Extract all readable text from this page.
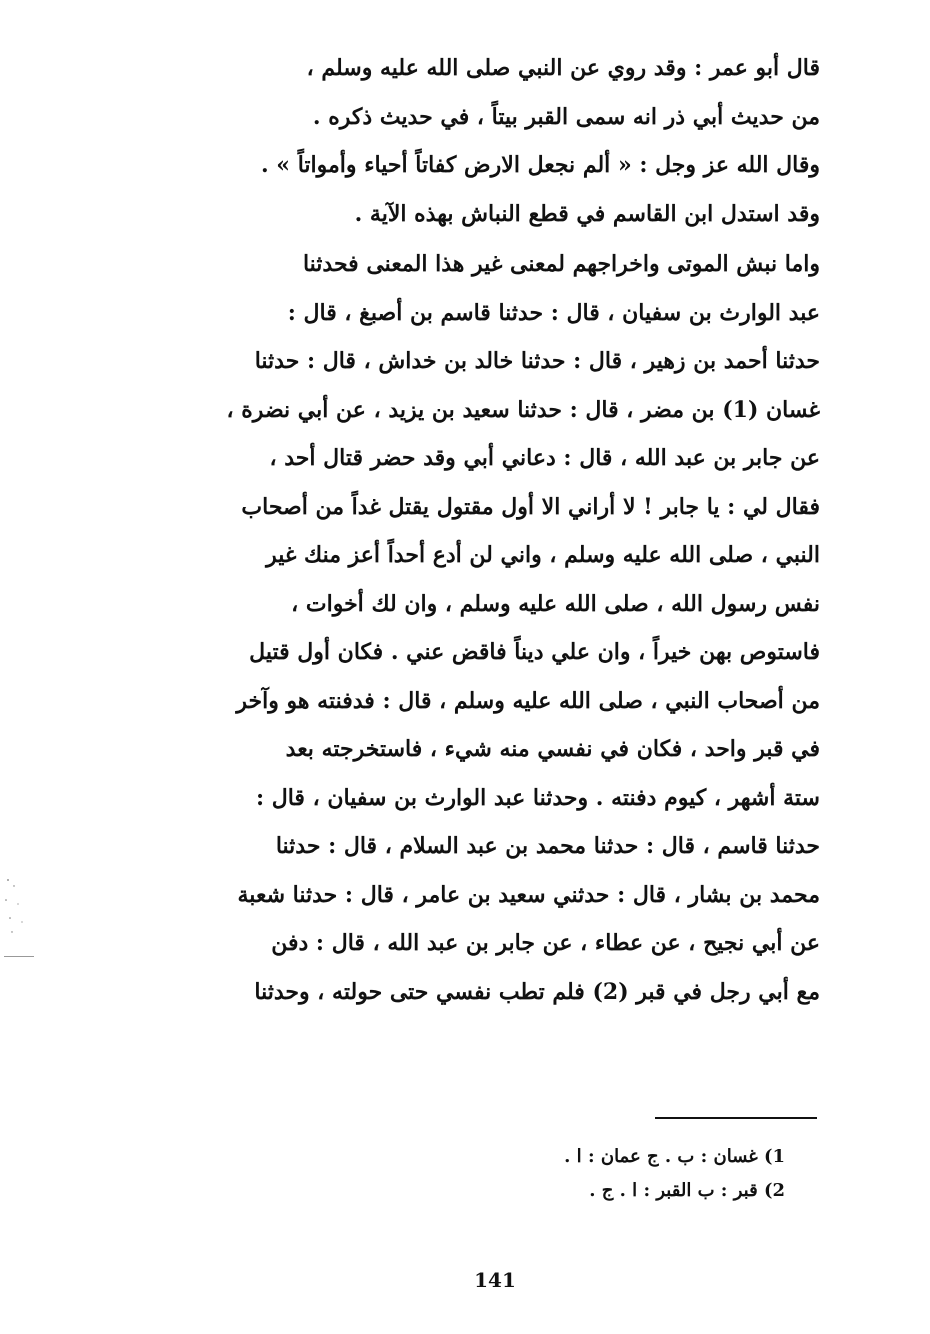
قال أبو عمر : وقد روي عن النبي صلى الله عليه وسلم ،
من حديث أبي ذر انه سمى القبر بيتاً ، في حديث ذكره .
وقال الله عز وجل : « ألم نجعل الارض كفاتاً أحياء وأمواتاً » .
وقد استدل ابن القاسم في قطع النباش بهذه الآية .
واما نبش الموتى واخراجهم لمعنى غير هذا المعنى فحدثنا
عبد الوارث بن سفيان ، قال : حدثنا قاسم بن أصبغ ، قال :
حدثنا أحمد بن زهير ، قال : حدثنا خالد بن خداش ، قال : حدثنا
غسان (1) بن مضر ، قال : حدثنا سعيد بن يزيد ، عن أبي نضرة ،
عن جابر بن عبد الله ، قال : دعاني أبي وقد حضر قتال أحد ،
فقال لي : يا جابر ! لا أراني الا أول مقتول يقتل غداً من أصحاب
النبي ، صلى الله عليه وسلم ، واني لن أدع أحداً أعز منك غير
نفس رسول الله ، صلى الله عليه وسلم ، وان لك أخوات ،
فاستوص بهن خيراً ، وان علي ديناً فاقض عني . فكان أول قتيل
من أصحاب النبي ، صلى الله عليه وسلم ، قال : فدفنته هو وآخر
في قبر واحد ، فكان في نفسي منه شيء ، فاستخرجته بعد
ستة أشهر ، كيوم دفنته . وحدثنا عبد الوارث بن سفيان ، قال :
حدثنا قاسم ، قال : حدثنا محمد بن عبد السلام ، قال : حدثنا
محمد بن بشار ، قال : حدثني سعيد بن عامر ، قال : حدثنا شعبة
عن أبي نجيح ، عن عطاء ، عن جابر بن عبد الله ، قال : دفن
مع أبي رجل في قبر (2) فلم تطب نفسي حتى حولته ، وحدثنا
1) غسان : ب . ج عمان : ا .
2) قبر : ب القبر : ا . ج .
141
